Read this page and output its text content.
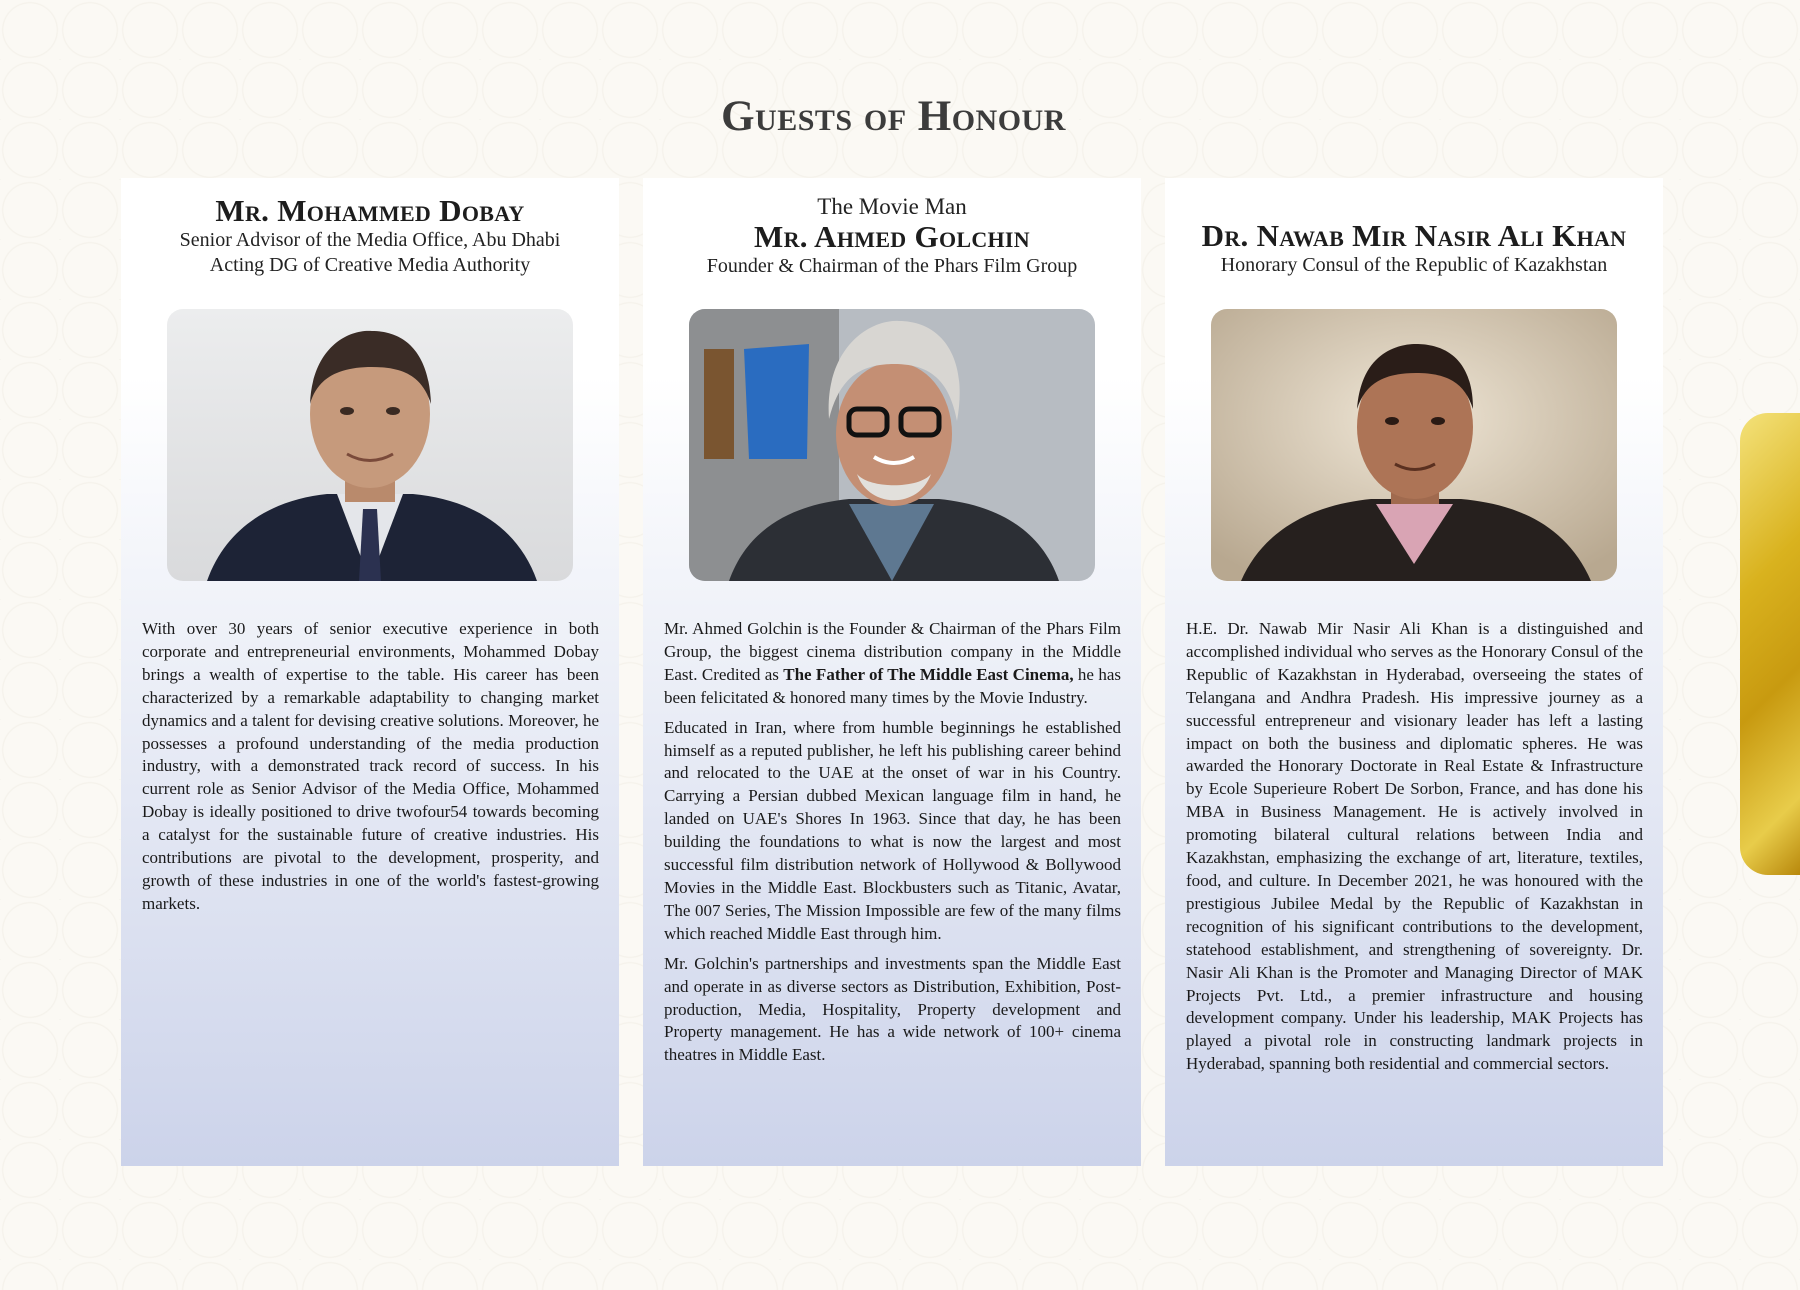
Guests of Honour
Mr. Mohammed Dobay
Senior Advisor of the Media Office, Abu Dhabi
Acting DG of Creative Media Authority

With over 30 years of senior executive experience in both corporate and entrepreneurial environments, Mohammed Dobay brings a wealth of expertise to the table. His career has been characterized by a remarkable adaptability to changing market dynamics and a talent for devising creative solutions. Moreover, he possesses a profound understanding of the media production industry, with a demonstrated track record of success. In his current role as Senior Advisor of the Media Office, Mohammed Dobay is ideally positioned to drive twofour54 towards becoming a catalyst for the sustainable future of creative industries. His contributions are pivotal to the development, prosperity, and growth of these industries in one of the world's fastest-growing markets.

The Movie Man
Mr. Ahmed Golchin
Founder & Chairman of the Phars Film Group

Mr. Ahmed Golchin is the Founder & Chairman of the Phars Film Group, the biggest cinema distribution company in the Middle East. Credited as The Father of The Middle East Cinema, he has been felicitated & honored many times by the Movie Industry.

Educated in Iran, where from humble beginnings he established himself as a reputed publisher, he left his publishing career behind and relocated to the UAE at the onset of war in his Country. Carrying a Persian dubbed Mexican language film in hand, he landed on UAE's Shores In 1963. Since that day, he has been building the foundations to what is now the largest and most successful film distribution network of Hollywood & Bollywood Movies in the Middle East. Blockbusters such as Titanic, Avatar, The 007 Series, The Mission Impossible are few of the many films which reached Middle East through him.

Mr. Golchin's partnerships and investments span the Middle East and operate in as diverse sectors as Distribution, Exhibition, Post-production, Media, Hospitality, Property development and Property management. He has a wide network of 100+ cinema theatres in Middle East.

Dr. Nawab Mir Nasir Ali Khan
Honorary Consul of the Republic of Kazakhstan

H.E. Dr. Nawab Mir Nasir Ali Khan is a distinguished and accomplished individual who serves as the Honorary Consul of the Republic of Kazakhstan in Hyderabad, overseeing the states of Telangana and Andhra Pradesh. His impressive journey as a successful entrepreneur and visionary leader has left a lasting impact on both the business and diplomatic spheres. He was awarded the Honorary Doctorate in Real Estate & Infrastructure by Ecole Superieure Robert De Sorbon, France, and has done his MBA in Business Management. He is actively involved in promoting bilateral cultural relations between India and Kazakhstan, emphasizing the exchange of art, literature, textiles, food, and culture. In December 2021, he was honoured with the prestigious Jubilee Medal by the Republic of Kazakhstan in recognition of his significant contributions to the development, statehood establishment, and strengthening of sovereignty. Dr. Nasir Ali Khan is the Promoter and Managing Director of MAK Projects Pvt. Ltd., a premier infrastructure and housing development company. Under his leadership, MAK Projects has played a pivotal role in constructing landmark projects in Hyderabad, spanning both residential and commercial sectors.
